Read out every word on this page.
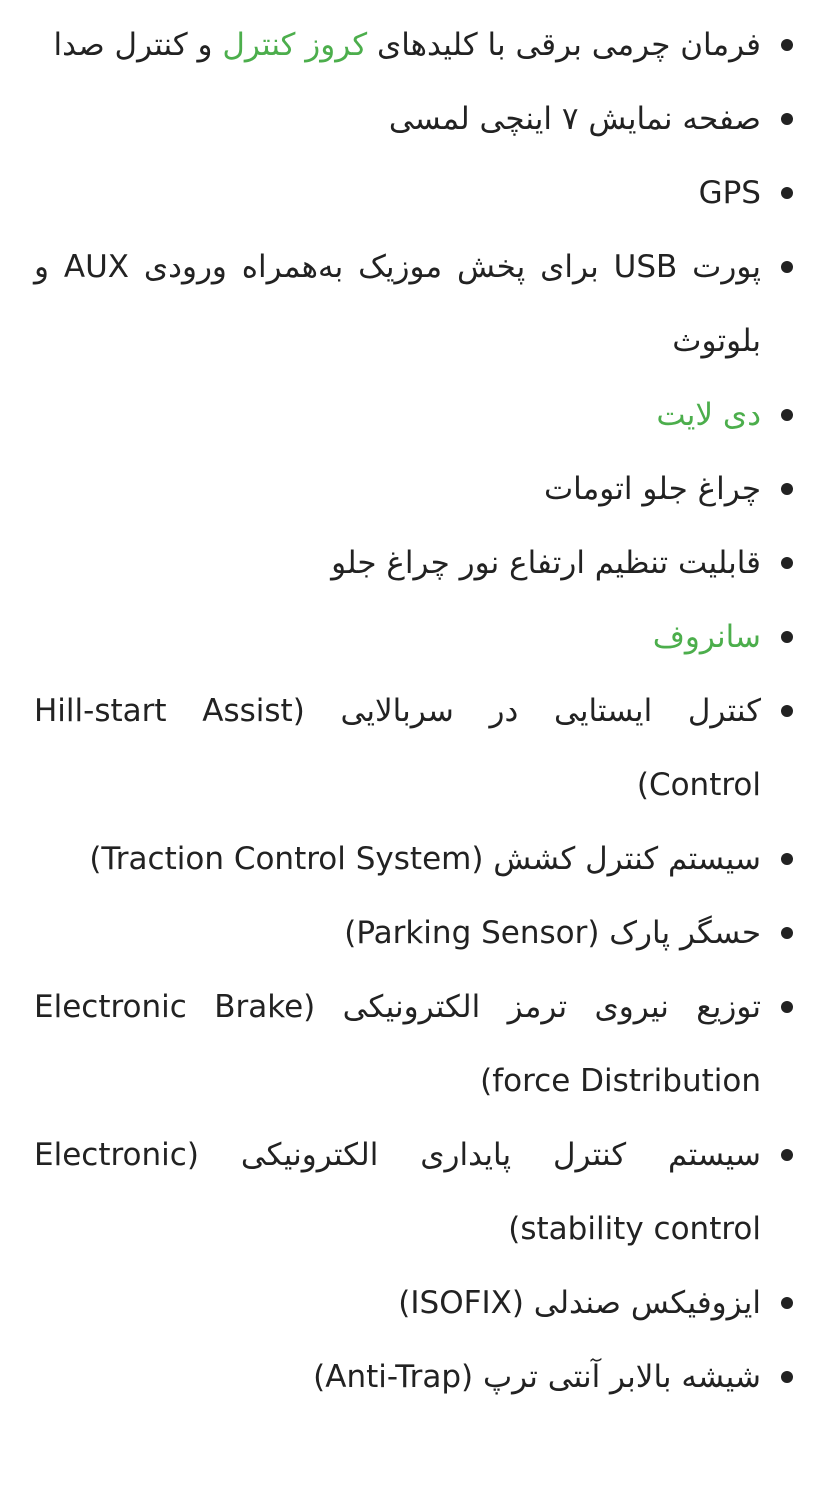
فرمان چرمی برقی با کلیدهای کروز کنترل و کنترل صدا
صفحه نمایش ۷ اینچی لمسی
GPS
پورت USB برای پخش موزیک به‌همراه ورودی AUX و بلوتوث
دی لایت
چراغ جلو اتومات
قابلیت تنظیم ارتفاع نور چراغ جلو
سانروف
کنترل ایستایی در سربالایی (Hill-start Assist Control)
سیستم کنترل کشش (Traction Control System)
حسگر پارک (Parking Sensor)
توزیع نیروی ترمز الکترونیکی (Electronic Brake force Distribution)
سیستم کنترل پایداری الکترونیکی (Electronic stability control)
ایزوفیکس صندلی (ISOFIX)
شیشه بالابر آنتی ترپ (Anti-Trap)
